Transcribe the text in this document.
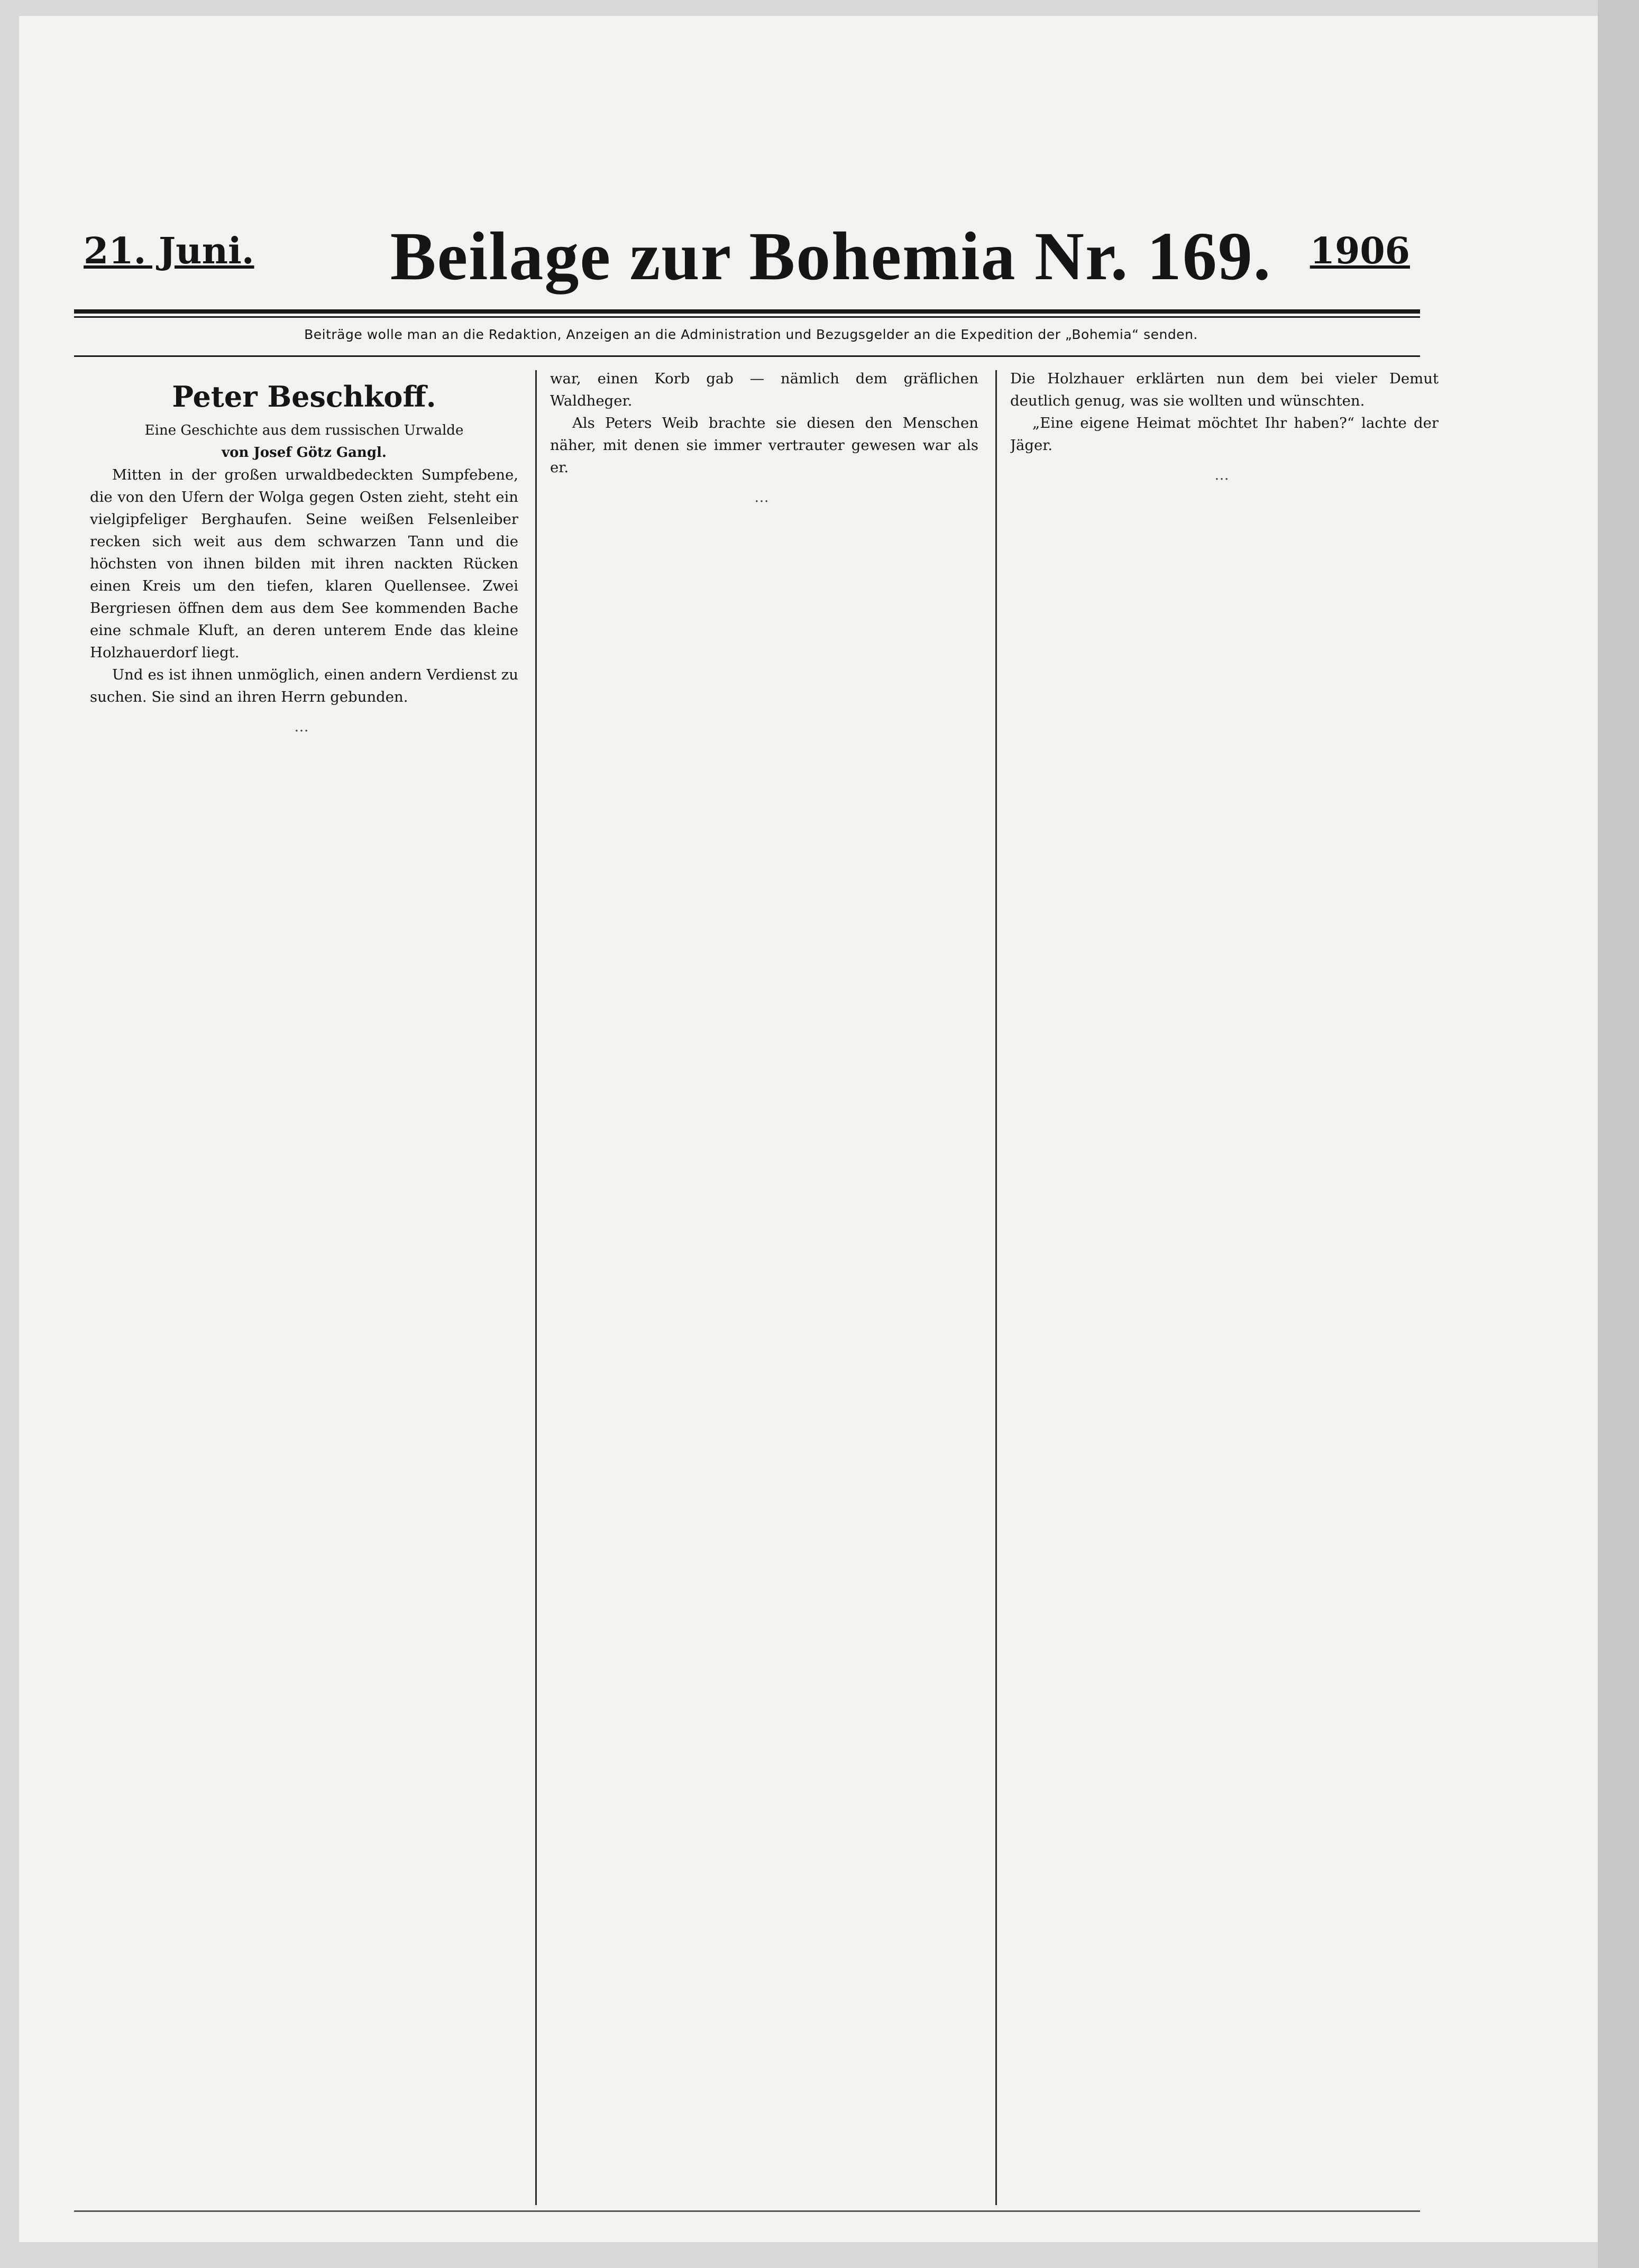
21. Juni.	Beilage zur Bohemia Nr. 169.	1906
Beiträge wolle man an die Redaktion, Anzeigen an die Administration und Bezugsgelder an die Expedition der „Bohemia“ senden.
Peter Beschkoff.
Eine Geschichte aus dem russischen Urwalde
von Josef Götz Gangl.

Mitten in der großen urwaldbedeckten Sumpfebene, die von den Ufern der Wolga gegen Osten zieht, steht ein vielgipfeliger Berghaufen. Seine weißen Felsenleiber recken sich weit aus dem schwarzen Tann und die höchsten von ihnen bilden mit ihren nackten Rücken einen Kreis um den tiefen, klaren Quellensee. Zwei Bergriesen öffnen dem aus dem See kommenden Bache eine schmale Kluft, an deren unterem Ende das kleine Holzhauerdorf liegt.

Und es ist ihnen unmöglich, einen andern Verdienst zu suchen. Sie sind an ihren Herrn gebunden.

…

war, einen Korb gab — nämlich dem gräflichen Waldheger.

Als Peters Weib brachte sie diesen den Menschen näher, mit denen sie immer vertrauter gewesen war als er.

…

Die Holzhauer erklärten nun dem bei vieler Demut deutlich genug, was sie wollten und wünschten.

„Eine eigene Heimat möchtet Ihr haben?“ lachte der Jäger.

…
